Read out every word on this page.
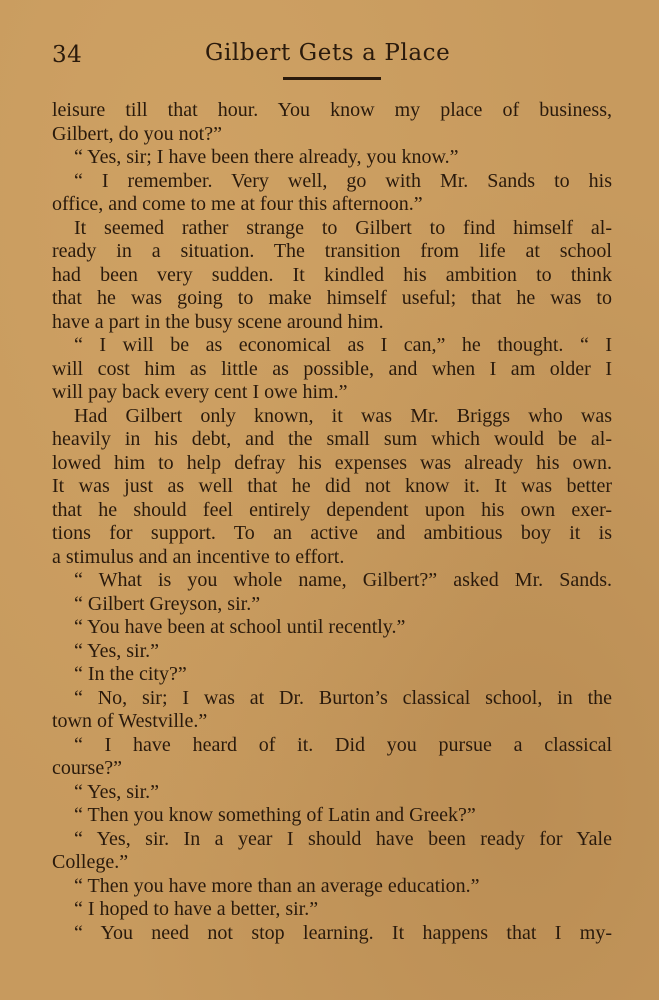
34	Gilbert Gets a Place
leisure till that hour. You know my place of business,
Gilbert, do you not?”
“ Yes, sir; I have been there already, you know.”
“ I remember. Very well, go with Mr. Sands to his
office, and come to me at four this afternoon.”
It seemed rather strange to Gilbert to find himself al-
ready in a situation. The transition from life at school
had been very sudden. It kindled his ambition to think
that he was going to make himself useful; that he was to
have a part in the busy scene around him.
“ I will be as economical as I can,” he thought. “ I
will cost him as little as possible, and when I am older I
will pay back every cent I owe him.”
Had Gilbert only known, it was Mr. Briggs who was
heavily in his debt, and the small sum which would be al-
lowed him to help defray his expenses was already his own.
It was just as well that he did not know it. It was better
that he should feel entirely dependent upon his own exer-
tions for support. To an active and ambitious boy it is
a stimulus and an incentive to effort.
“ What is you whole name, Gilbert?” asked Mr. Sands.
“ Gilbert Greyson, sir.”
“ You have been at school until recently.”
“ Yes, sir.”
“ In the city?”
“ No, sir; I was at Dr. Burton’s classical school, in the
town of Westville.”
“ I have heard of it. Did you pursue a classical
course?”
“ Yes, sir.”
“ Then you know something of Latin and Greek?”
“ Yes, sir. In a year I should have been ready for Yale
College.”
“ Then you have more than an average education.”
“ I hoped to have a better, sir.”
“ You need not stop learning. It happens that I my-
